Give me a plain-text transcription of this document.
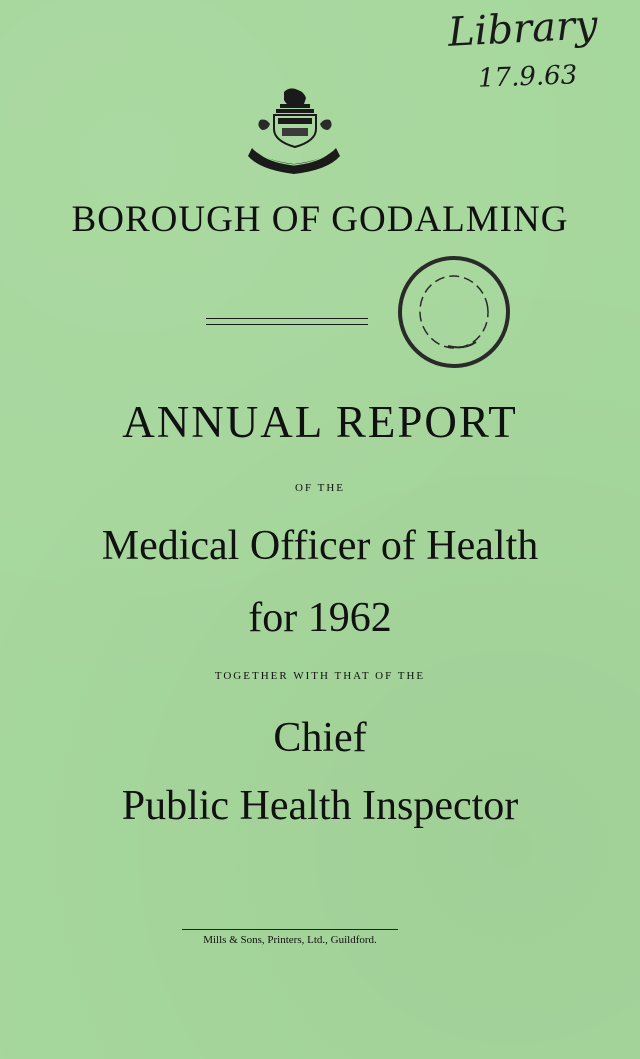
Library
17.9.63
BOROUGH OF GODALMING
ANNUAL REPORT
OF THE
Medical Officer of Health
for 1962
TOGETHER WITH THAT OF THE
Chief
Public Health Inspector
Mills & Sons, Printers, Ltd., Guildford.
